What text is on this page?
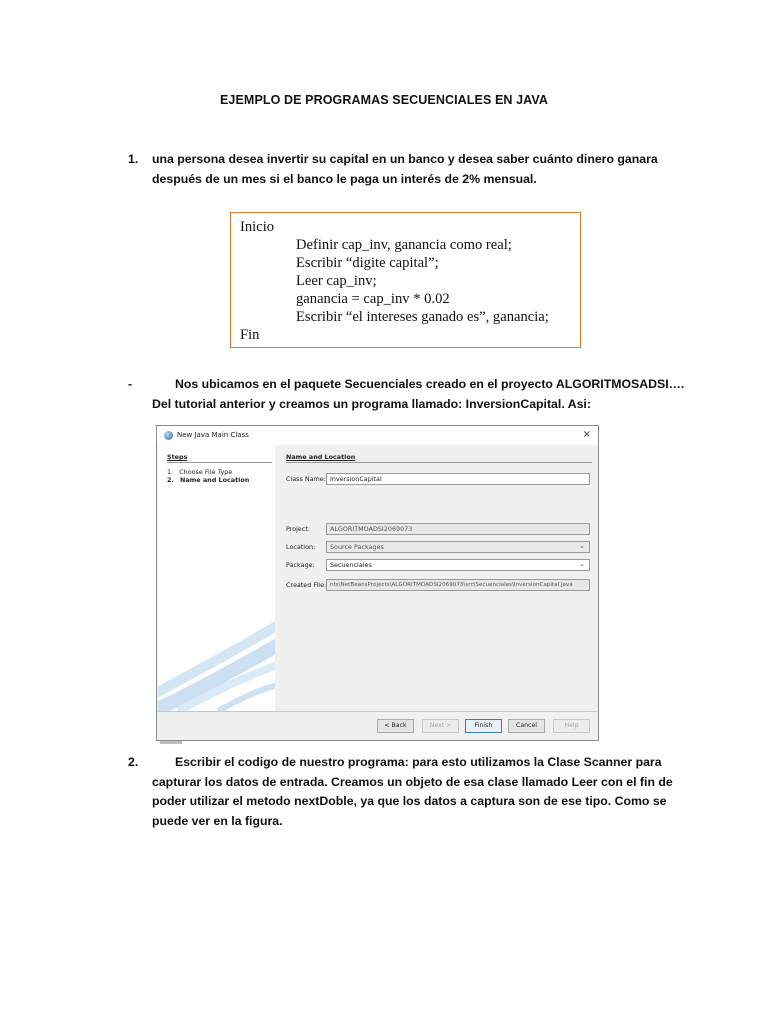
EJEMPLO DE PROGRAMAS SECUENCIALES EN JAVA
1. una persona desea invertir su capital en un banco y desea saber cuánto dinero ganara
después de un mes si el banco le paga un interés de 2% mensual.
Inicio
Definir cap_inv, ganancia como real;
Escribir “digite capital”;
Leer cap_inv;
ganancia = cap_inv * 0.02
Escribir “el intereses ganado es”, ganancia;
Fin
-	Nos ubicamos en el paquete Secuenciales creado en el proyecto ALGORITMOSADSI….
Del tutorial anterior y creamos un programa llamado: InversionCapital. Asi:
New Java Main Class	×
Steps
1. Choose File Type
2. Name and Location
Name and Location
Class Name: InversionCapital
Project:	ALGORITMOADSI2069073
Location:	Source Packages	⌄
Package:	Secuenciales	⌄
Created File: nts\NetBeansProjects\ALGORITMOADSI2069073\src\Secuenciales\InversionCapital.java
< Back	Next >	Finish	Cancel	Help
2.	Escribir el codigo de nuestro programa: para esto utilizamos la Clase Scanner para
capturar los datos de entrada. Creamos un objeto de esa clase llamado Leer con el fin de
poder utilizar el metodo nextDoble, ya que los datos a captura son de ese tipo. Como se
puede ver en la figura.
